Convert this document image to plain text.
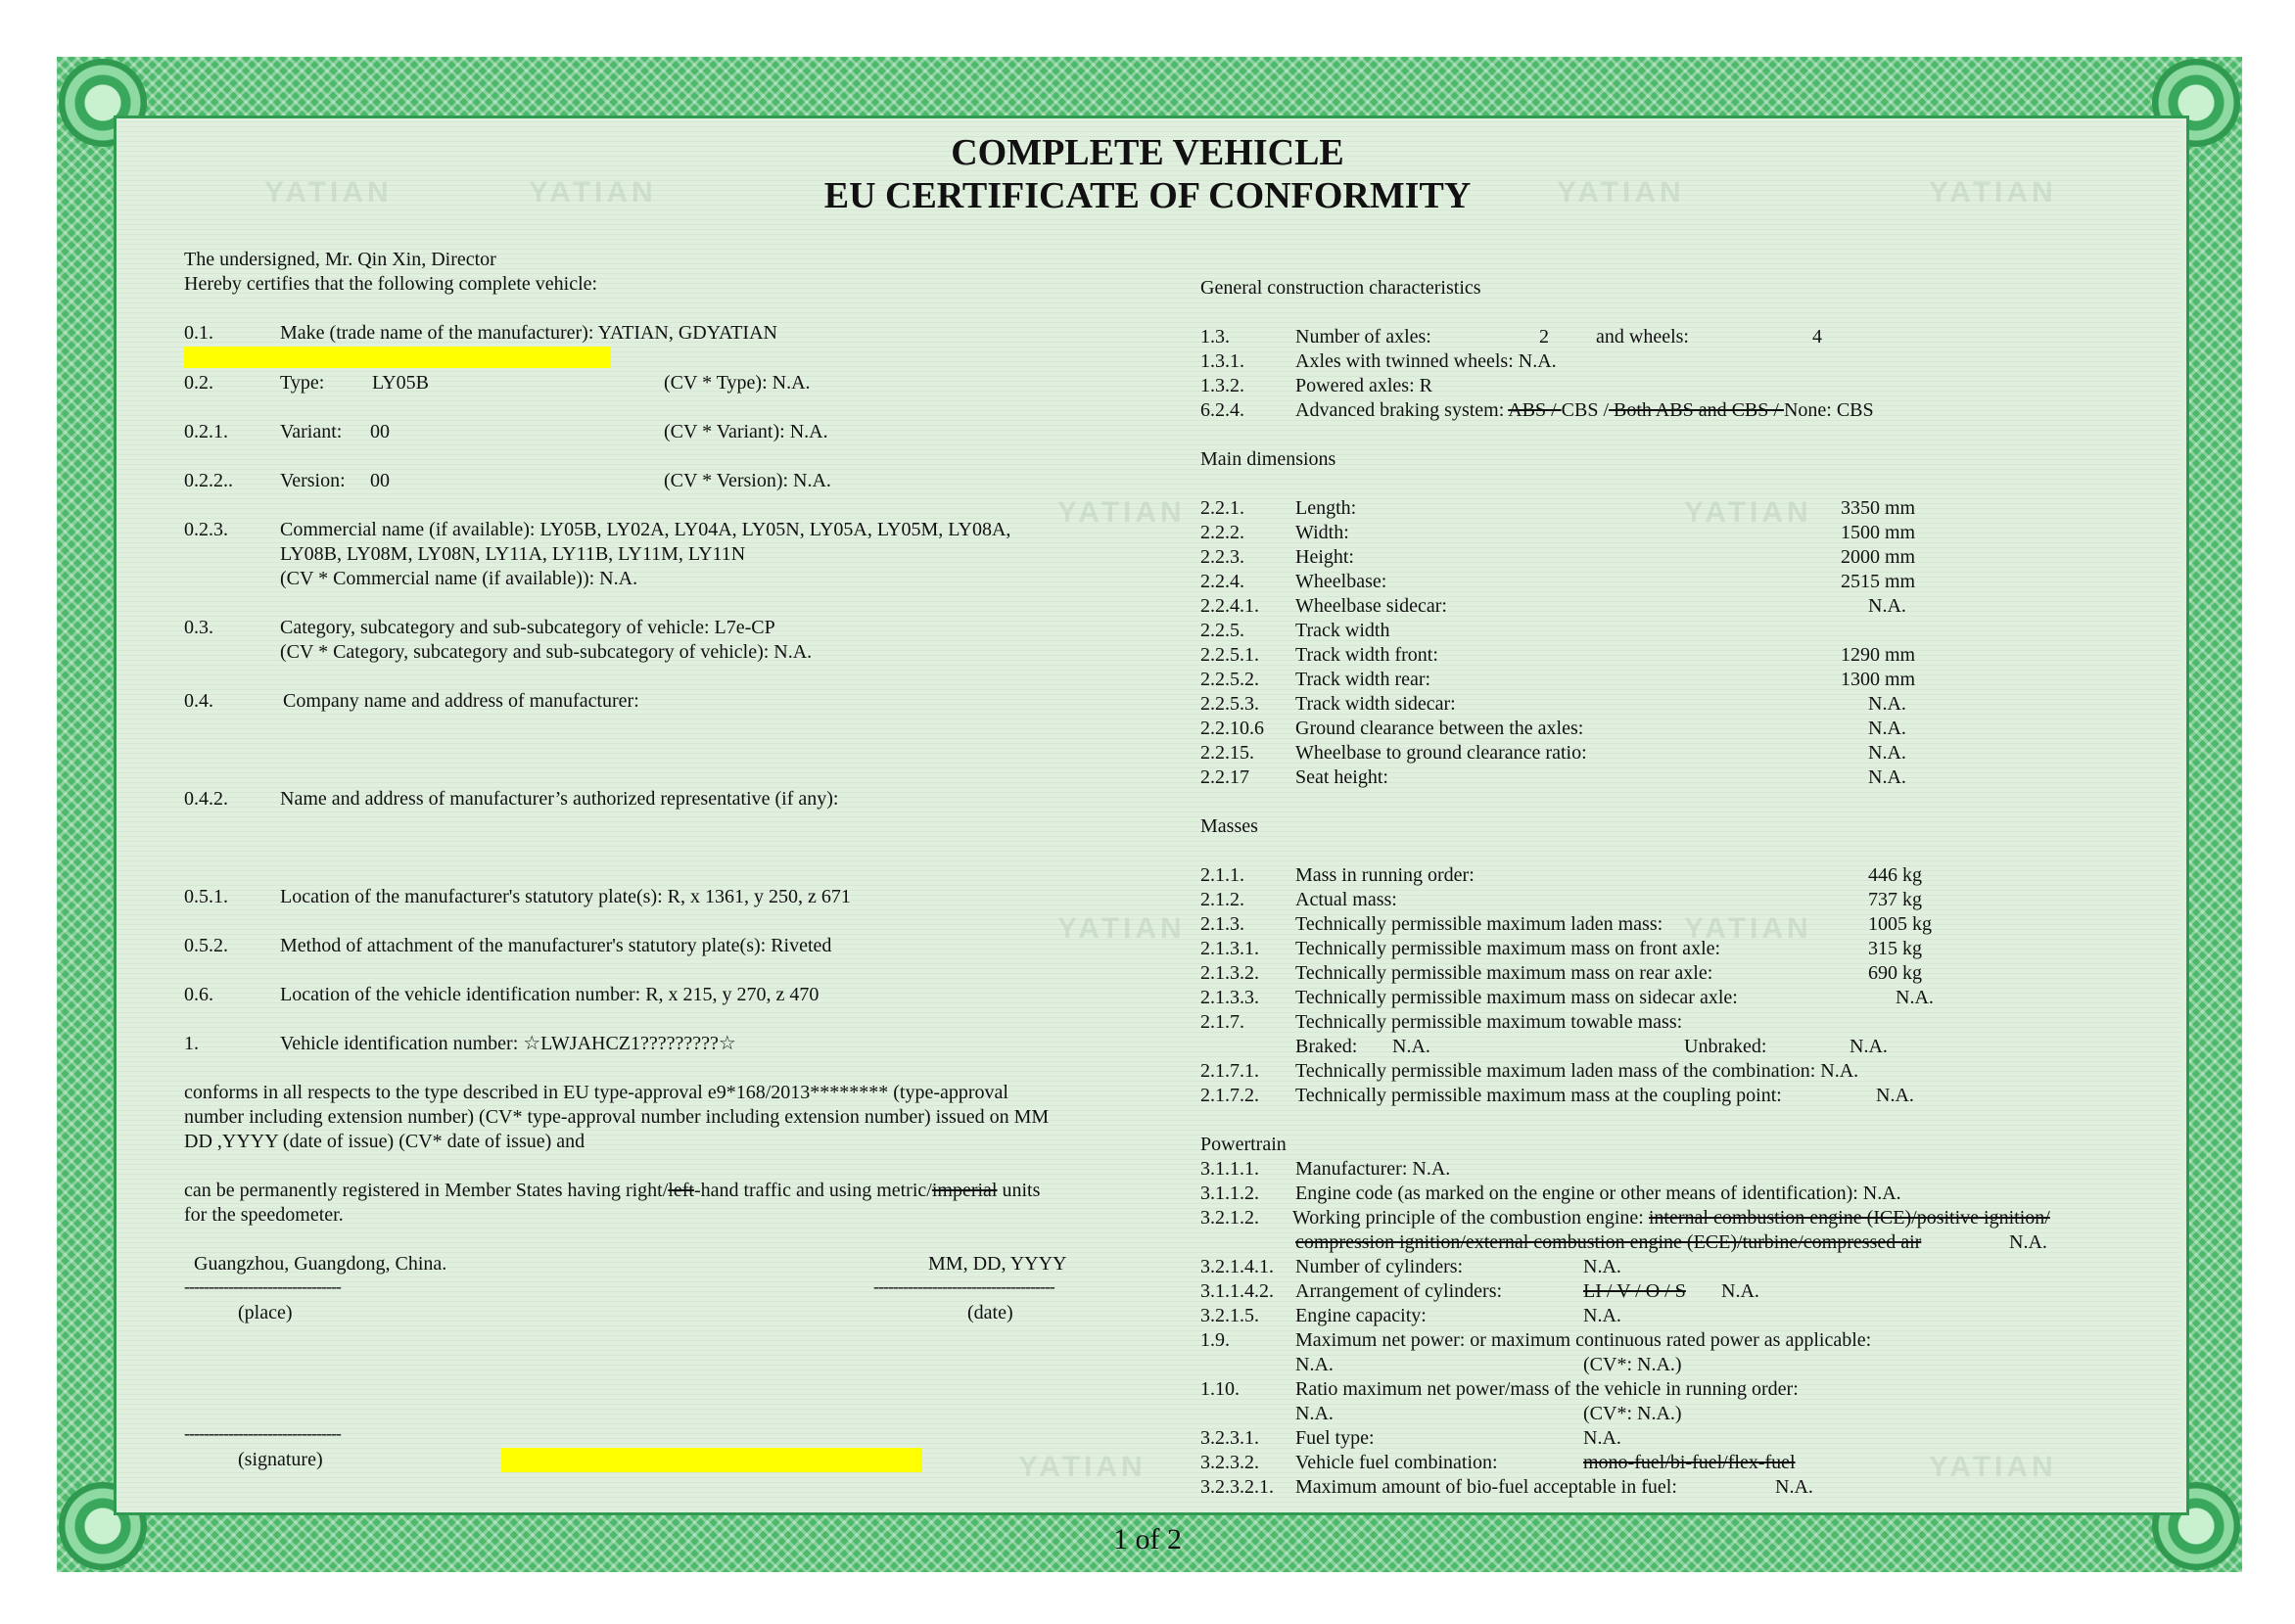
YATIAN	YATIAN	YATIAN	YATIAN
YATIAN	YATIAN
YATIAN	YATIAN
YATIAN	YATIAN
COMPLETE VEHICLE
EU CERTIFICATE OF CONFORMITY
The undersigned, Mr. Qin Xin, Director
Hereby certifies that the following complete vehicle:
0.1.	Make (trade name of the manufacturer): YATIAN, GDYATIAN
0.2.	Type: LY05B	(CV * Type): N.A.
0.2.1.	Variant: 00	(CV * Variant): N.A.
0.2.2.. Version: 00	(CV * Version): N.A.
0.2.3.	Commercial name (if available): LY05B, LY02A, LY04A, LY05N, LY05A, LY05M, LY08A,
LY08B, LY08M, LY08N, LY11A, LY11B, LY11M, LY11N
(CV * Commercial name (if available)): N.A.
0.3.	Category, subcategory and sub-subcategory of vehicle: L7e-CP
(CV * Category, subcategory and sub-subcategory of vehicle): N.A.
0.4.	Company name and address of manufacturer:
0.4.2.	Name and address of manufacturer’s authorized representative (if any):
0.5.1.	Location of the manufacturer's statutory plate(s): R, x 1361, y 250, z 671
0.5.2.	Method of attachment of the manufacturer's statutory plate(s): Riveted
0.6.	Location of the vehicle identification number: R, x 215, y 270, z 470
1.	Vehicle identification number: ☆LWJAHCZ1?????????☆
conforms in all respects to the type described in EU type-approval e9*168/2013******** (type-approval
number including extension number) (CV* type-approval number including extension number) issued on MM
DD ,YYYY (date of issue) (CV* date of issue) and
can be permanently registered in Member States having right/left-hand traffic and using metric/imperial units
for the speedometer.
Guangzhou, Guangdong, China.	MM, DD, YYYY
--------------------------------	-------------------------------------
(place)	(date)
--------------------------------
(signature)
General construction characteristics
1.3.	Number of axles:	2 and wheels:	4
1.3.1.	Axles with twinned wheels: N.A.
1.3.2.	Powered axles: R
6.2.4.	Advanced braking system: ABS / CBS / Both ABS and CBS / None: CBS
Main dimensions
2.2.1.	Length:	3350 mm
2.2.2.	Width:	1500 mm
2.2.3.	Height:	2000 mm
2.2.4.	Wheelbase:	2515 mm
2.2.4.1. Wheelbase sidecar:	N.A.
2.2.5.	Track width
2.2.5.1. Track width front:	1290 mm
2.2.5.2. Track width rear:	1300 mm
2.2.5.3. Track width sidecar:	N.A.
2.2.10.6 Ground clearance between the axles:	N.A.
2.2.15. Wheelbase to ground clearance ratio:	N.A.
2.2.17 Seat height:	N.A.
Masses
2.1.1.	Mass in running order:	446 kg
2.1.2.	Actual mass:	737 kg
2.1.3.	Technically permissible maximum laden mass:	1005 kg
2.1.3.1. Technically permissible maximum mass on front axle:	315 kg
2.1.3.2. Technically permissible maximum mass on rear axle:	690 kg
2.1.3.3. Technically permissible maximum mass on sidecar axle:	N.A.
2.1.7.	Technically permissible maximum towable mass:
Braked: N.A.	Unbraked:	N.A.
2.1.7.1. Technically permissible maximum laden mass of the combination: N.A.
2.1.7.2. Technically permissible maximum mass at the coupling point:	N.A.
Powertrain
3.1.1.1. Manufacturer: N.A.
3.1.1.2. Engine code (as marked on the engine or other means of identification): N.A.
3.2.1.2. Working principle of the combustion engine: internal combustion engine (ICE)/positive ignition/
compression ignition/external combustion engine (ECE)/turbine/compressed air	N.A.
3.2.1.4.1. Number of cylinders:	N.A.
3.1.1.4.2. Arrangement of cylinders:	LI / V / O / S N.A.
3.2.1.5. Engine capacity:	N.A.
1.9.	Maximum net power: or maximum continuous rated power as applicable:
N.A.	(CV*: N.A.)
1.10.	Ratio maximum net power/mass of the vehicle in running order:
N.A.	(CV*: N.A.)
3.2.3.1. Fuel type:	N.A.
3.2.3.2. Vehicle fuel combination:	mono-fuel/bi-fuel/flex-fuel
3.2.3.2.1. Maximum amount of bio-fuel acceptable in fuel:	N.A.
1 of 2
